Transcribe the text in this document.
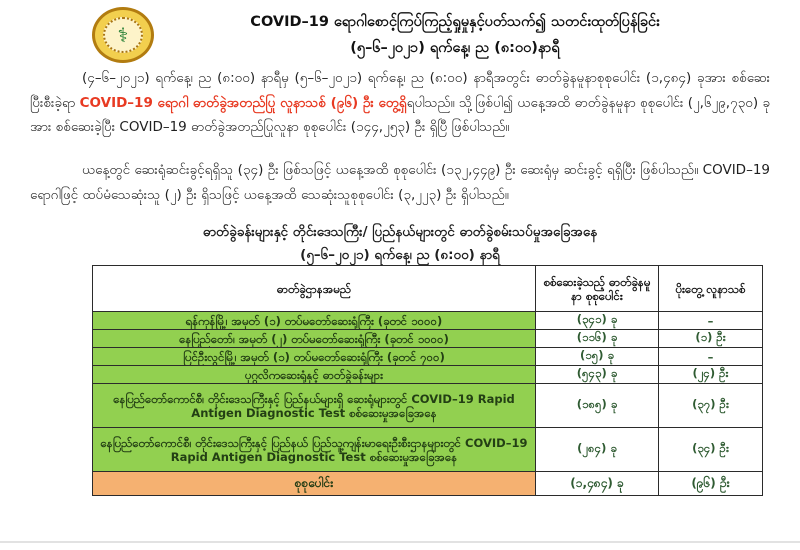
⚕
COVID–19 ရောဂါစောင့်ကြပ်ကြည့်ရှုမှုနှင့်ပတ်သက်၍ သတင်းထုတ်ပြန်ခြင်း
(၅–၆–၂၀၂၁) ရက်နေ့၊ ည (၈:၀၀)နာရီ
(၄–၆–၂၀၂၁) ရက်နေ့၊ ည (၈:၀၀) နာရီမှ (၅–၆–၂၀၂၁) ရက်နေ့၊ ည (၈:၀၀) နာရီအတွင်း ဓာတ်ခွဲနမူနာစုစုပေါင်း (၁,၄၈၄) ခုအား စစ်ဆေးပြီးစီးခဲ့ရာ COVID–19 ရောဂါ ဓာတ်ခွဲအတည်ပြု လူနာသစ် (၉၆) ဦး တွေ့ရှိရပါသည်။ သို့ဖြစ်ပါ၍ ယနေ့အထိ ဓာတ်ခွဲနမူနာ စုစုပေါင်း (၂,၆၂၉,၇၃၀) ခု အား စစ်ဆေးခဲ့ပြီး COVID–19 ဓာတ်ခွဲအတည်ပြုလူနာ စုစုပေါင်း (၁၄၄,၂၅၃) ဦး ရှိပြီ ဖြစ်ပါသည်။
ယနေ့တွင် ဆေးရုံဆင်းခွင့်ရရှိသူ (၃၄) ဦး ဖြစ်သဖြင့် ယနေ့အထိ စုစုပေါင်း (၁၃၂,၄၄၉) ဦး ဆေးရုံမှ ဆင်းခွင့် ရရှိပြီး ဖြစ်ပါသည်။ COVID–19 ရောဂါဖြင့် ထပ်မံသေဆုံးသူ (၂) ဦး ရှိသဖြင့် ယနေ့အထိ သေဆုံးသူစုစုပေါင်း (၃,၂၂၃) ဦး ရှိပါသည်။
ဓာတ်ခွဲခန်းများနှင့် တိုင်းဒေသကြီး/ ပြည်နယ်များတွင် ဓာတ်ခွဲစမ်းသပ်မှုအခြေအနေ
(၅–၆–၂၀၂၁) ရက်နေ့၊ ည (၈:၀၀) နာရီ
ဓာတ်ခွဲဌာနအမည်	စစ်ဆေးခဲ့သည့် ဓာတ်ခွဲနမူနာ စုစုပေါင်း	ပိုးတွေ့ လူနာသစ်
ရန်ကုန်မြို့၊ အမှတ် (၁) တပ်မတော်ဆေးရုံကြီး (ခုတင် ၁၀၀၀)	(၃၄၁) ခု	–
နေပြည်တော်၊ အမှတ် (၂) တပ်မတော်ဆေးရုံကြီး (ခုတင် ၁၀၀၀)	(၁၁၆) ခု	(၁) ဦး
ပြင်ဦးလွင်မြို့၊ အမှတ် (၁) တပ်မတော်ဆေးရုံကြီး (ခုတင် ၇၀၀)	(၁၅) ခု	–
ပုဂ္ဂလိကဆေးရုံနှင့် ဓာတ်ခွဲခန်းများ	(၅၄၃) ခု	(၂၄) ဦး
နေပြည်တော်ကောင်စီ၊ တိုင်းဒေသကြီးနှင့် ပြည်နယ်များရှိ ဆေးရုံများတွင် COVID–19 Rapid Antigen Diagnostic Test စစ်ဆေးမှုအခြေအနေ	(၁၈၅) ခု	(၃၇) ဦး
နေပြည်တော်ကောင်စီ၊ တိုင်းဒေသကြီးနှင့် ပြည်နယ် ပြည်သူ့ကျန်းမာရေးဦးစီးဌာနများတွင် COVID–19 Rapid Antigen Diagnostic Test စစ်ဆေးမှုအခြေအနေ	(၂၈၄) ခု	(၃၄) ဦး
စုစုပေါင်း	(၁,၄၈၄) ခု	(၉၆) ဦး
